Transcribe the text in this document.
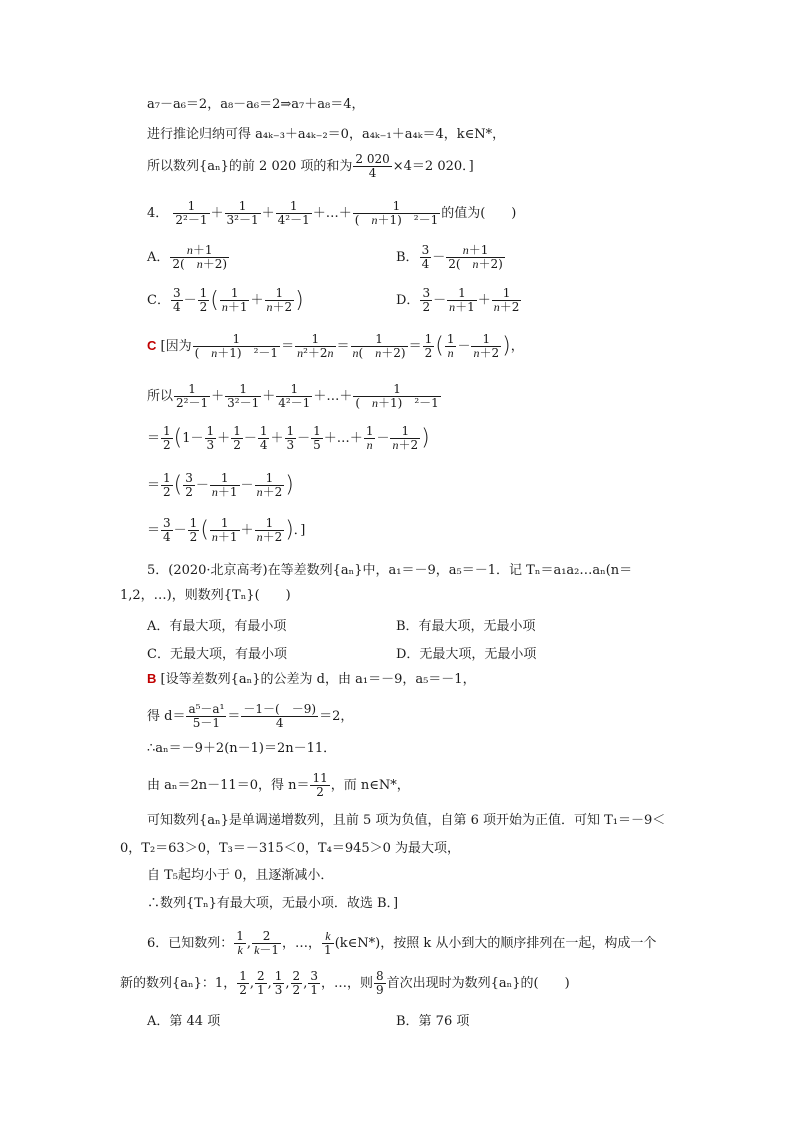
a₇－a₆＝2，a₈－a₆＝2⇒a₇＋a₈＝4，
进行推论归纳可得 a₄ₖ₋₃＋a₄ₖ₋₂＝0，a₄ₖ₋₁＋a₄ₖ＝4，k∈N*，
所以数列{aₙ}的前 2 020 项的和为 $\frac{2 020}{4} \times 4=2$ 020．]
4． $\frac{1}{\text{2²－1}} + \frac{1}{\text{3²－1}} + \frac{1}{\text{4²－1}}$ ＋…＋ $\frac{1}{\text{(　n＋1)　²－1}}$ 的值为(　　)
A． $\frac{n+1}{2( n+2)}$	B． $\frac{3}{4} - \frac{n+1}{2( n+2)}$
C． $\frac{3}{4} - \frac{1}{2}$ ( $\frac{1}{n+1} + \frac{1}{n+2}$ )	D． $\frac{3}{2} - \frac{1}{n+1} + \frac{1}{n+2}$
C [因为 $\frac{1}{\text{(　n＋1)　²－1}} = \frac{1}{\text{n²＋2n}} = \frac{1}{n( n+2)} = \frac{1}{2}$ ( $\frac{1}{n} - \frac{1}{n+2}$ )，
所以 $\frac{1}{\text{2²－1}} + \frac{1}{\text{3²－1}} + \frac{1}{\text{4²－1}}$ ＋…＋ $\frac{1}{\text{(　n＋1)　²－1}}$
＝ $\frac{1}{2} (1- \frac{1}{3} + \frac{1}{2} - \frac{1}{4} + \frac{1}{3} - \frac{1}{5}$ ＋…＋ $\frac{1}{n} - \frac{1}{n+2}$ )
＝ $\frac{1}{2}$ ( $\frac{3}{2} - \frac{1}{n+1} - \frac{1}{n+2}$ )
＝ $\frac{3}{4} - \frac{1}{2}$ ( $\frac{1}{n+1} + \frac{1}{n+2}$ )．]
5．(2020·北京高考)在等差数列{aₙ}中，a₁＝－9，a₅＝－1．记 Tₙ＝a₁a₂…aₙ(n＝
1,2，…)，则数列{Tₙ}(　　)
A．有最大项，有最小项	B．有最大项，无最小项
C．无最大项，有最小项	D．无最大项，无最小项
B [设等差数列{aₙ}的公差为 d，由 a₁＝－9，a₅＝－1，
得 $d= \frac{\text{a⁵－a¹}}{5-1} = \frac{-1-( -9)}{4} =2$，
∴aₙ＝－9＋2(n－1)＝2n－11．
由 aₙ＝2n－11＝0，得 $n= \frac{11}{2}$ ，而 n∈N*，
可知数列{aₙ}是单调递增数列，且前 5 项为负值，自第 6 项开始为正值．可知 T₁＝－9＜
0，T₂＝63＞0，T₃＝－315＜0，T₄＝945＞0 为最大项，
自 T₅起均小于 0，且逐渐减小．
∴数列{Tₙ}有最大项，无最小项．故选 B．]
6．已知数列： $\frac{1}{k}$ , $\frac{2}{k-1}$ ，…， $\frac{k}{1}$ (k∈N*)，按照 k 从小到大的顺序排列在一起，构成一个
新的数列{aₙ}：1， $\frac{1}{2}$ , $\frac{2}{1}$ , $\frac{1}{3}$ , $\frac{2}{2}$ , $\frac{3}{1}$ ，…，则 $\frac{8}{9}$ 首次出现时为数列{aₙ}的(　　)
A．第 44 项	B．第 76 项
